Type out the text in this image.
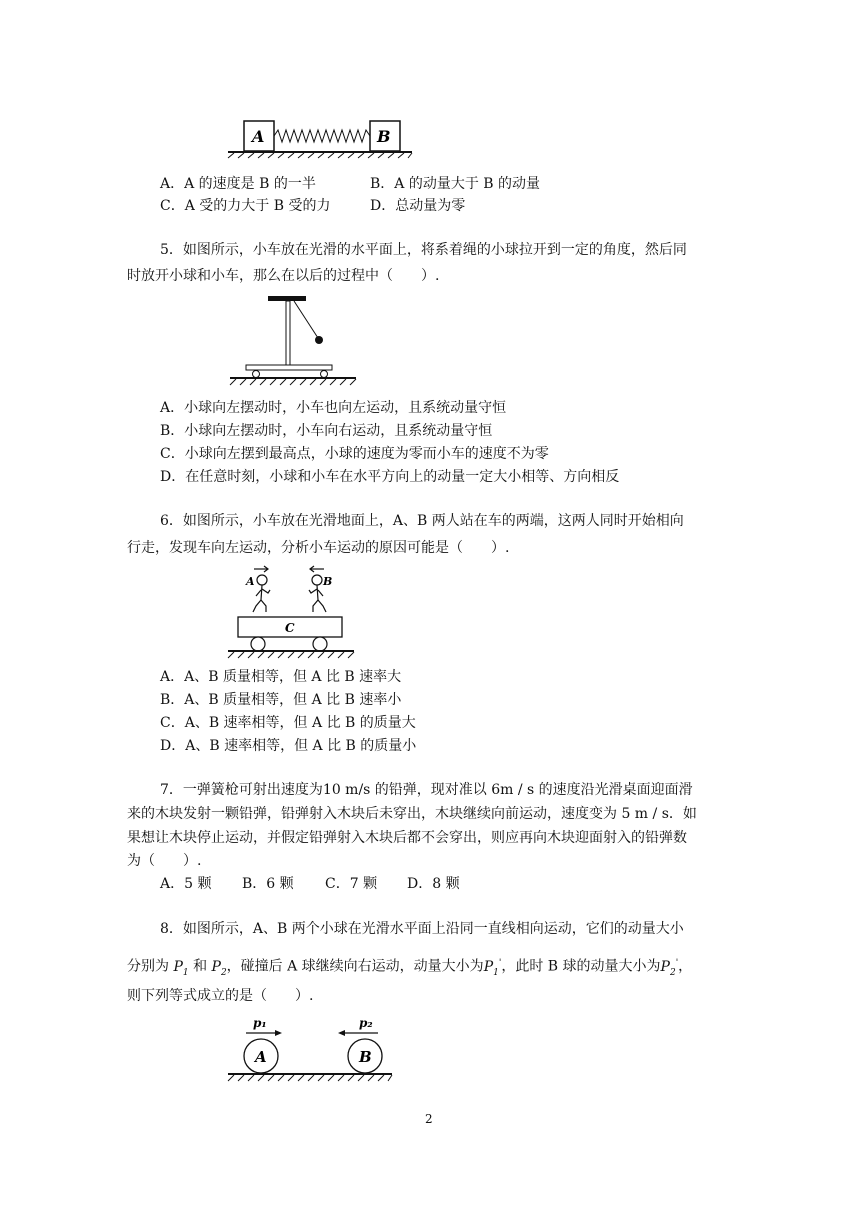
A	B
A．A 的速度是 B 的一半	B．A 的动量大于 B 的动量
C．A 受的力大于 B 受的力	D．总动量为零
5．如图所示，小车放在光滑的水平面上，将系着绳的小球拉开到一定的角度，然后同
时放开小球和小车，那么在以后的过程中（　　）.
A．小球向左摆动时，小车也向左运动，且系统动量守恒
B．小球向左摆动时，小车向右运动，且系统动量守恒
C．小球向左摆到最高点，小球的速度为零而小车的速度不为零
D．在任意时刻，小球和小车在水平方向上的动量一定大小相等、方向相反
6．如图所示，小车放在光滑地面上，A、B 两人站在车的两端，这两人同时开始相向
行走，发现车向左运动，分析小车运动的原因可能是（　　）.
A	B
C
A．A、B 质量相等，但 A 比 B 速率大
B．A、B 质量相等，但 A 比 B 速率小
C．A、B 速率相等，但 A 比 B 的质量大
D．A、B 速率相等，但 A 比 B 的质量小
7．一弹簧枪可射出速度为10 m/s 的铅弹，现对准以 6m / s 的速度沿光滑桌面迎面滑
来的木块发射一颗铅弹，铅弹射入木块后未穿出，木块继续向前运动，速度变为 5 m / s．如
果想让木块停止运动，并假定铅弹射入木块后都不会穿出，则应再向木块迎面射入的铅弹数
为（　　）.
A．5 颗 B．6 颗 C．7 颗 D．8 颗
8．如图所示，A、B 两个小球在光滑水平面上沿同一直线相向运动，它们的动量大小
分别为 $P_1$ 和 $P_2$，碰撞后 A 球继续向右运动，动量大小为$P_1'$，此时 B 球的动量大小为$P_2'$，
则下列等式成立的是（　　）.
p₁	p₂
A	B
2
